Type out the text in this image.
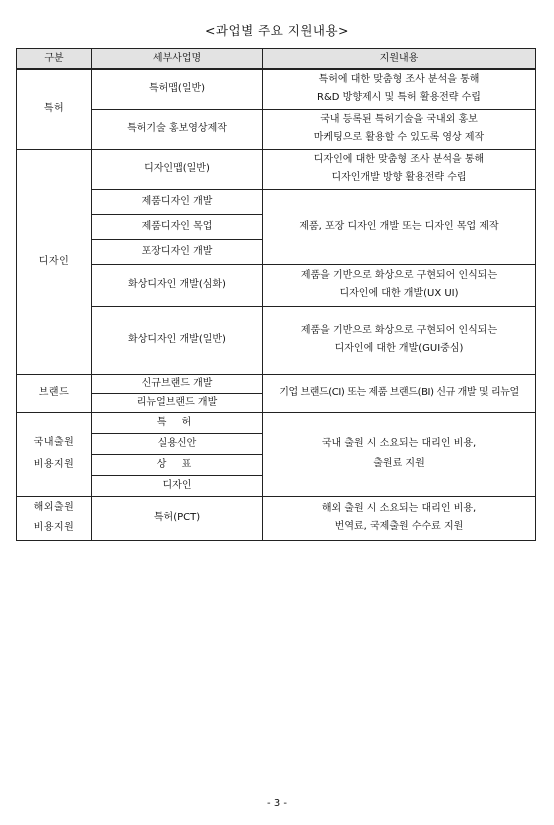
<과업별 주요 지원내용>
구분	세부사업명	지원내용
특허	특허맵(일반)	특허에 대한 맞춤형 조사 분석을 통해
R&D 방향제시 및 특허 활용전략 수립
	특허기술 홍보영상제작	국내 등록된 특허기술을 국내외 홍보
마케팅으로 활용할 수 있도록 영상 제작
디자인	디자인맵(일반)	디자인에 대한 맞춤형 조사 분석을 통해
디자인개발 방향 활용전략 수립
	제품디자인 개발	제품, 포장 디자인 개발 또는 디자인 목업 제작
	제품디자인 목업	
	포장디자인 개발	
	화상디자인 개발(심화)	제품을 기반으로 화상으로 구현되어 인식되는
디자인에 대한 개발(UX UI)
	화상디자인 개발(일반)	제품을 기반으로 화상으로 구현되어 인식되는
디자인에 대한 개발(GUI중심)
브랜드	신규브랜드 개발	기업 브랜드(CI) 또는 제품 브랜드(BI) 신규 개발 및 리뉴얼
	리뉴얼브랜드 개발	
국내출원
비용지원	특 허	국내 출원 시 소요되는 대리인 비용,
출원료 지원
	실용신안	
	상 표	
	디자인	
해외출원
비용지원	특허(PCT)	해외 출원 시 소요되는 대리인 비용,
번역료, 국제출원 수수료 지원
- 3 -
